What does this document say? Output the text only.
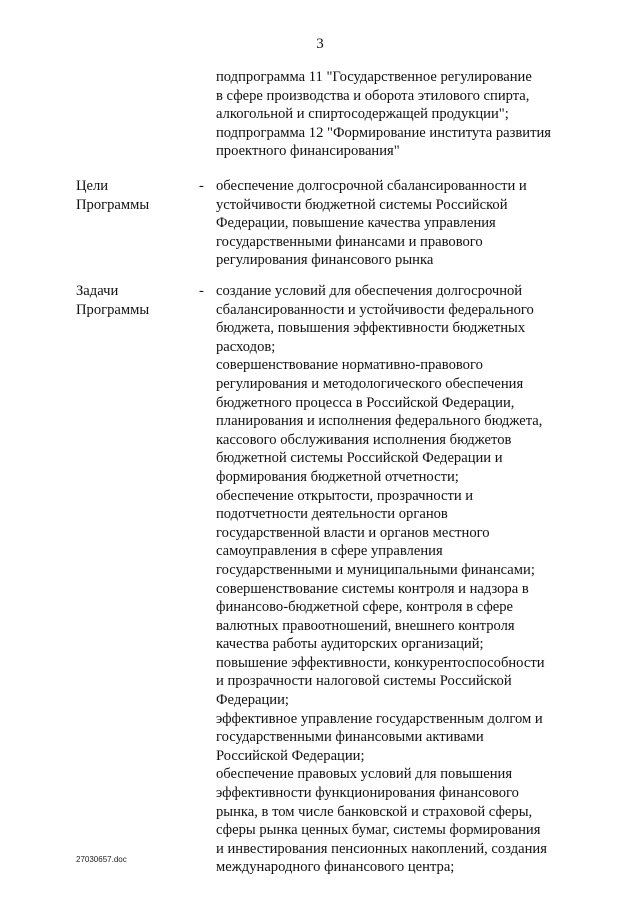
3
подпрограмма 11 "Государственное регулирование
в сфере производства и оборота этилового спирта,
алкогольной и спиртосодержащей продукции";
подпрограмма 12 "Формирование института развития
проектного финансирования"
Цели
Программы
- обеспечение долгосрочной сбалансированности и
устойчивости бюджетной системы Российской
Федерации, повышение качества управления
государственными финансами и правового
регулирования финансового рынка
Задачи
Программы
- создание условий для обеспечения долгосрочной
сбалансированности и устойчивости федерального
бюджета, повышения эффективности бюджетных
расходов;
совершенствование нормативно-правового
регулирования и методологического обеспечения
бюджетного процесса в Российской Федерации,
планирования и исполнения федерального бюджета,
кассового обслуживания исполнения бюджетов
бюджетной системы Российской Федерации и
формирования бюджетной отчетности;
обеспечение открытости, прозрачности и
подотчетности деятельности органов
государственной власти и органов местного
самоуправления в сфере управления
государственными и муниципальными финансами;
совершенствование системы контроля и надзора в
финансово-бюджетной сфере, контроля в сфере
валютных правоотношений, внешнего контроля
качества работы аудиторских организаций;
повышение эффективности, конкурентоспособности
и прозрачности налоговой системы Российской
Федерации;
эффективное управление государственным долгом и
государственными финансовыми активами
Российской Федерации;
обеспечение правовых условий для повышения
эффективности функционирования финансового
рынка, в том числе банковской и страховой сферы,
сферы рынка ценных бумаг, системы формирования
и инвестирования пенсионных накоплений, создания
международного финансового центра;
27030657.doc
